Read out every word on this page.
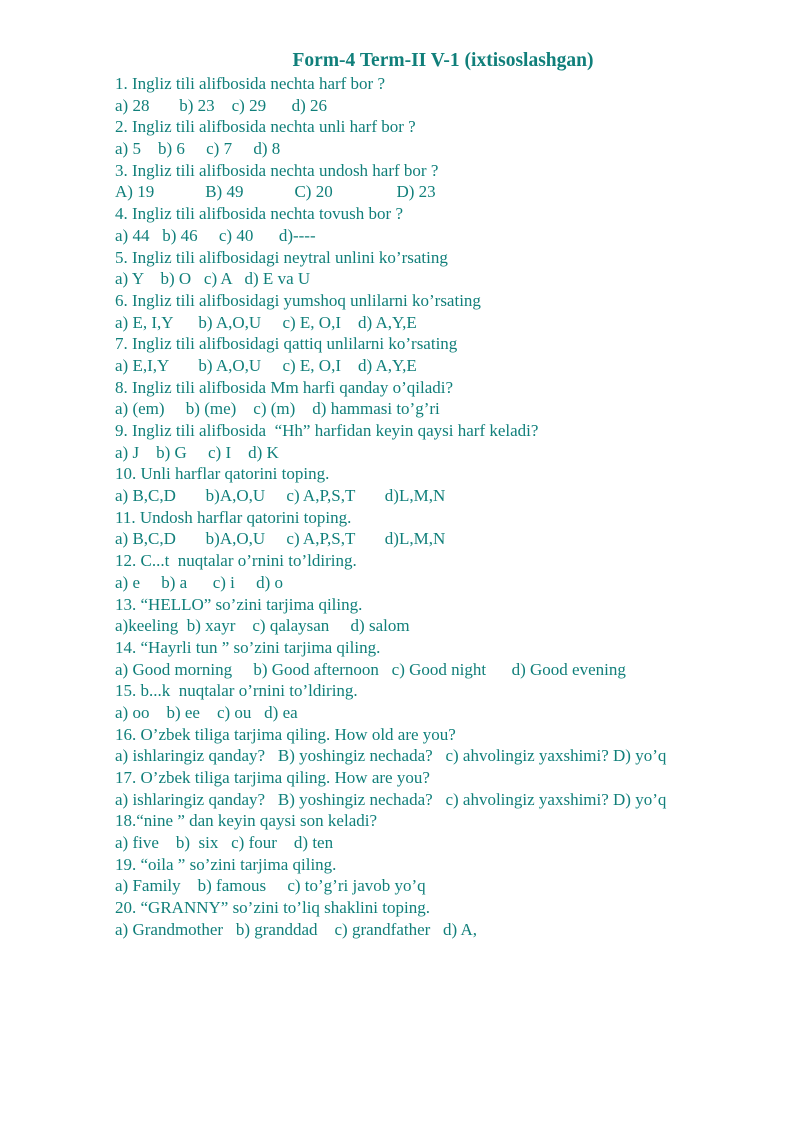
Form-4 Term-II V-1 (ixtisoslashgan)
1. Ingliz tili alifbosida nechta harf bor ?
a) 28       b) 23    c) 29      d) 26
2. Ingliz tili alifbosida nechta unli harf bor ?
a) 5    b) 6     c) 7     d) 8
3. Ingliz tili alifbosida nechta undosh harf bor ?
A) 19            B) 49            C) 20               D) 23
4. Ingliz tili alifbosida nechta tovush bor ?
a) 44   b) 46     c) 40      d)----
5. Ingliz tili alifbosidagi neytral unlini ko’rsating
a) Y    b) O   c) A   d) E va U
6. Ingliz tili alifbosidagi yumshoq unlilarni ko’rsating
a) E, I,Y      b) A,O,U     c) E, O,I    d) A,Y,E
7. Ingliz tili alifbosidagi qattiq unlilarni ko’rsating
a) E,I,Y       b) A,O,U     c) E, O,I    d) A,Y,E
8. Ingliz tili alifbosida Mm harfi qanday o’qiladi?
a) (em)     b) (me)    c) (m)    d) hammasi to’g’ri
9. Ingliz tili alifbosida  “Hh” harfidan keyin qaysi harf keladi?
a) J    b) G     c) I    d) K
10. Unli harflar qatorini toping.
a) B,C,D       b)A,O,U     c) A,P,S,T       d)L,M,N
11. Undosh harflar qatorini toping.
a) B,C,D       b)A,O,U     c) A,P,S,T       d)L,M,N
12. C...t  nuqtalar o’rnini to’ldiring.
a) e     b) a      c) i     d) o
13. “HELLO” so’zini tarjima qiling.
a)keeling  b) xayr    c) qalaysan     d) salom
14. “Hayrli tun ” so’zini tarjima qiling.
a) Good morning     b) Good afternoon   c) Good night      d) Good evening
15. b...k  nuqtalar o’rnini to’ldiring.
a) oo    b) ee    c) ou   d) ea
16. O’zbek tiliga tarjima qiling. How old are you?
a) ishlaringiz qanday?   B) yoshingiz nechada?   c) ahvolingiz yaxshimi? D) yo’q
17. O’zbek tiliga tarjima qiling. How are you?
a) ishlaringiz qanday?   B) yoshingiz nechada?   c) ahvolingiz yaxshimi? D) yo’q
18.“nine ” dan keyin qaysi son keladi?
a) five    b)  six   c) four    d) ten
19. “oila ” so’zini tarjima qiling.
a) Family    b) famous     c) to’g’ri javob yo’q
20. “GRANNY” so’zini to’liq shaklini toping.
a) Grandmother   b) granddad    c) grandfather   d) A,
